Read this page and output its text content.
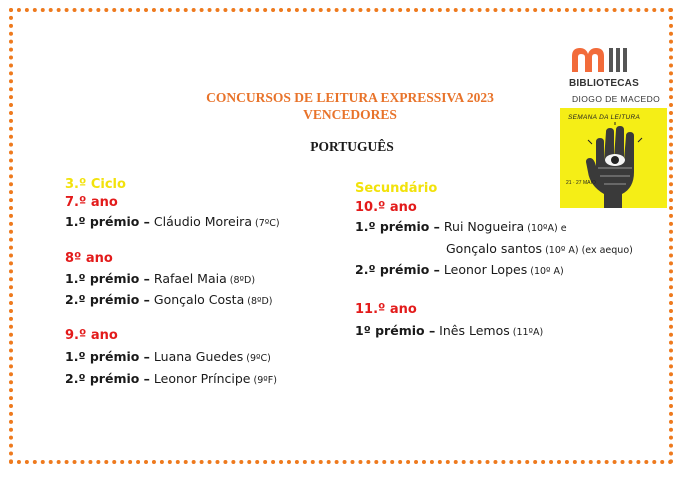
CONCURSOS DE LEITURA EXPRESSIVA 2023
VENCEDORES
PORTUGUÊS
BIBLIOTECAS
DIOGO DE MACEDO
SEMANA DA LEITURA
21 · 27 MAIO
3.º Ciclo
7.º ano
1.º prémio – Cláudio Moreira (7ºC)
8º ano
1.º prémio – Rafael Maia (8ºD)
2.º prémio – Gonçalo Costa (8ºD)
9.º ano
1.º prémio – Luana Guedes (9ºC)
2.º prémio – Leonor Príncipe (9ºF)
Secundário
10.º ano
1.º prémio – Rui Nogueira (10ºA) e
Gonçalo santos (10º A) (ex aequo)
2.º prémio – Leonor Lopes (10º A)
11.º ano
1º prémio – Inês Lemos (11ºA)
